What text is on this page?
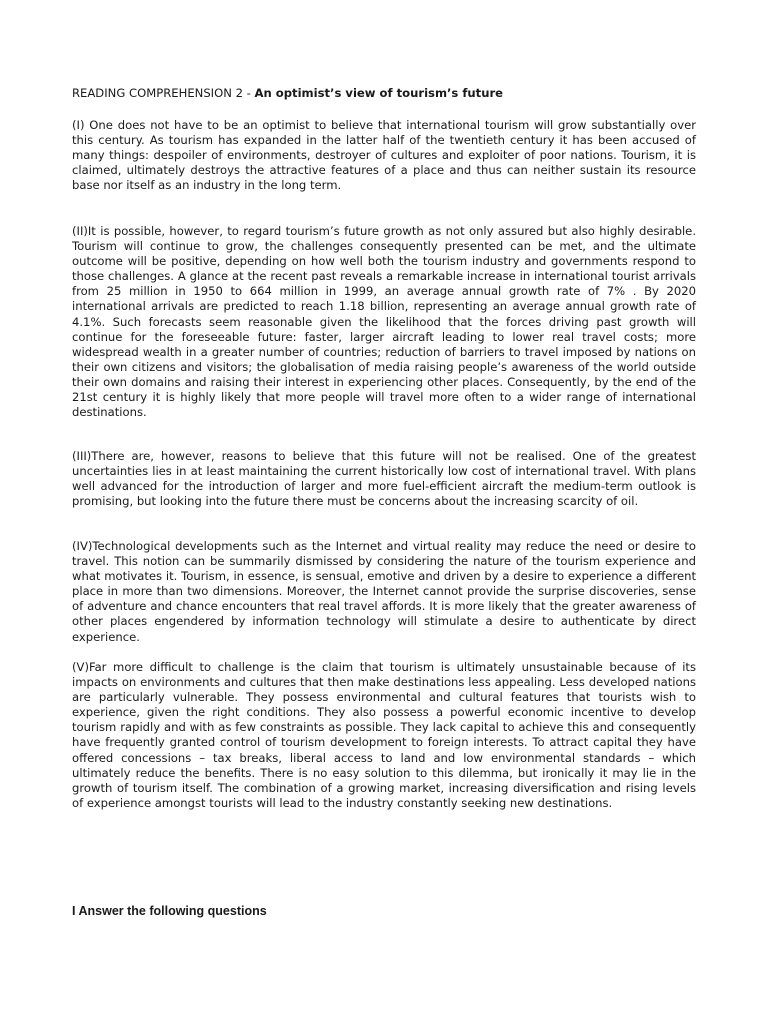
READING COMPREHENSION 2 - An optimist’s view of tourism’s future

(I) One does not have to be an optimist to believe that international tourism will grow substantially over this century. As tourism has expanded in the latter half of the twentieth century it has been accused of many things: despoiler of environments, destroyer of cultures and exploiter of poor nations. Tourism, it is claimed, ultimately destroys the attractive features of a place and thus can neither sustain its resource base nor itself as an industry in the long term.

(II)It is possible, however, to regard tourism’s future growth as not only assured but also highly desirable. Tourism will continue to grow, the challenges consequently presented can be met, and the ultimate outcome will be positive, depending on how well both the tourism industry and governments respond to those challenges. A glance at the recent past reveals a remarkable increase in international tourist arrivals from 25 million in 1950 to 664 million in 1999, an average annual growth rate of 7% . By 2020 international arrivals are predicted to reach 1.18 billion, representing an average annual growth rate of 4.1%. Such forecasts seem reasonable given the likelihood that the forces driving past growth will continue for the foreseeable future: faster, larger aircraft leading to lower real travel costs; more widespread wealth in a greater number of countries; reduction of barriers to travel imposed by nations on their own citizens and visitors; the globalisation of media raising people’s awareness of the world outside their own domains and raising their interest in experiencing other places. Consequently, by the end of the 21st century it is highly likely that more people will travel more often to a wider range of international destinations.

(III)There are, however, reasons to believe that this future will not be realised. One of the greatest uncertainties lies in at least maintaining the current historically low cost of international travel. With plans well advanced for the introduction of larger and more fuel-efficient aircraft the medium-term outlook is promising, but looking into the future there must be concerns about the increasing scarcity of oil.

(IV)Technological developments such as the Internet and virtual reality may reduce the need or desire to travel. This notion can be summarily dismissed by considering the nature of the tourism experience and what motivates it. Tourism, in essence, is sensual, emotive and driven by a desire to experience a different place in more than two dimensions. Moreover, the Internet cannot provide the surprise discoveries, sense of adventure and chance encounters that real travel affords. It is more likely that the greater awareness of other places engendered by information technology will stimulate a desire to authenticate by direct experience.

(V)Far more difficult to challenge is the claim that tourism is ultimately unsustainable because of its impacts on environments and cultures that then make destinations less appealing. Less developed nations are particularly vulnerable. They possess environmental and cultural features that tourists wish to experience, given the right conditions. They also possess a powerful economic incentive to develop tourism rapidly and with as few constraints as possible. They lack capital to achieve this and consequently have frequently granted control of tourism development to foreign interests. To attract capital they have offered concessions – tax breaks, liberal access to land and low environmental standards – which ultimately reduce the benefits. There is no easy solution to this dilemma, but ironically it may lie in the growth of tourism itself. The combination of a growing market, increasing diversification and rising levels of experience amongst tourists will lead to the industry constantly seeking new destinations.

I Answer the following questions
